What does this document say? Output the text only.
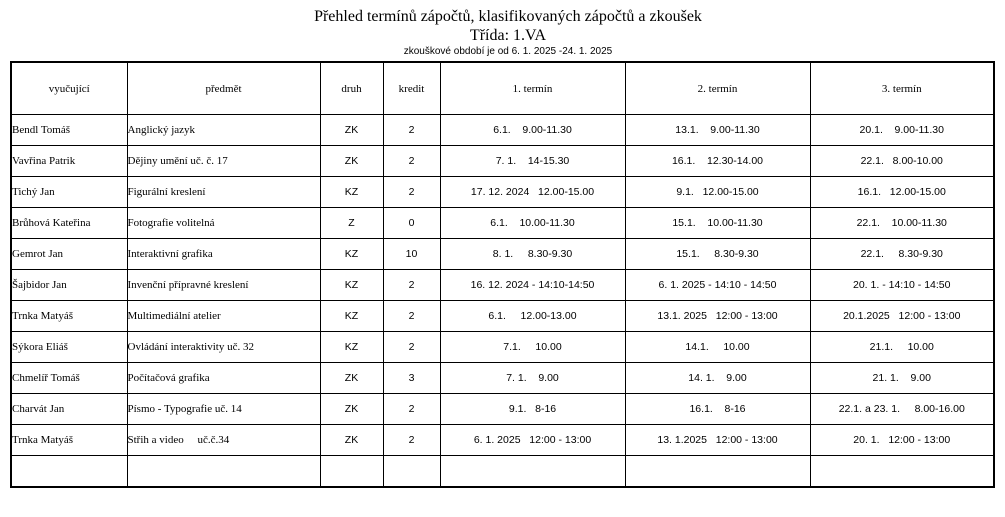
Přehled termínů zápočtů, klasifikovaných zápočtů a zkoušek
Třída: 1.VA
zkouškové období je od 6. 1. 2025 -24. 1. 2025
vyučující	předmět	druh	kredit	1. termín	2. termín	3. termín
Bendl Tomáš	Anglický jazyk	ZK	2	6.1.    9.00-11.30	13.1.    9.00-11.30	20.1.    9.00-11.30
Vavřina Patrik	Dějiny umění uč. č. 17	ZK	2	7. 1.    14-15.30	16.1.    12.30-14.00	22.1.   8.00-10.00
Tichý Jan	Figurální kreslení	KZ	2	17. 12. 2024   12.00-15.00	9.1.   12.00-15.00	16.1.   12.00-15.00
Brůhová Kateřina	Fotografie volitelná	Z	0	6.1.    10.00-11.30	15.1.    10.00-11.30	22.1.    10.00-11.30
Gemrot Jan	Interaktivní grafika	KZ	10	8. 1.     8.30-9.30	15.1.     8.30-9.30	22.1.     8.30-9.30
Šajbidor Jan	Invenční přípravné kreslení	KZ	2	16. 12. 2024 - 14:10-14:50	6. 1. 2025 - 14:10 - 14:50	20. 1. - 14:10 - 14:50
Trnka Matyáš	Multimediální atelier	KZ	2	6.1.     12.00-13.00	13.1. 2025   12:00 - 13:00	20.1.2025   12:00 - 13:00
Sýkora Eliáš	Ovládání interaktivity uč. 32	KZ	2	7.1.     10.00	14.1.     10.00	21.1.     10.00
Chmelíř Tomáš	Počítačová grafika	ZK	3	7. 1.    9.00	14. 1.    9.00	21. 1.    9.00
Charvát Jan	Písmo - Typografie uč. 14	ZK	2	9.1.   8-16	16.1.    8-16	22.1. a 23. 1.     8.00-16.00
Trnka Matyáš	Střih a video     uč.č.34	ZK	2	6. 1. 2025   12:00 - 13:00	13. 1.2025   12:00 - 13:00	20. 1.   12:00 - 13:00
